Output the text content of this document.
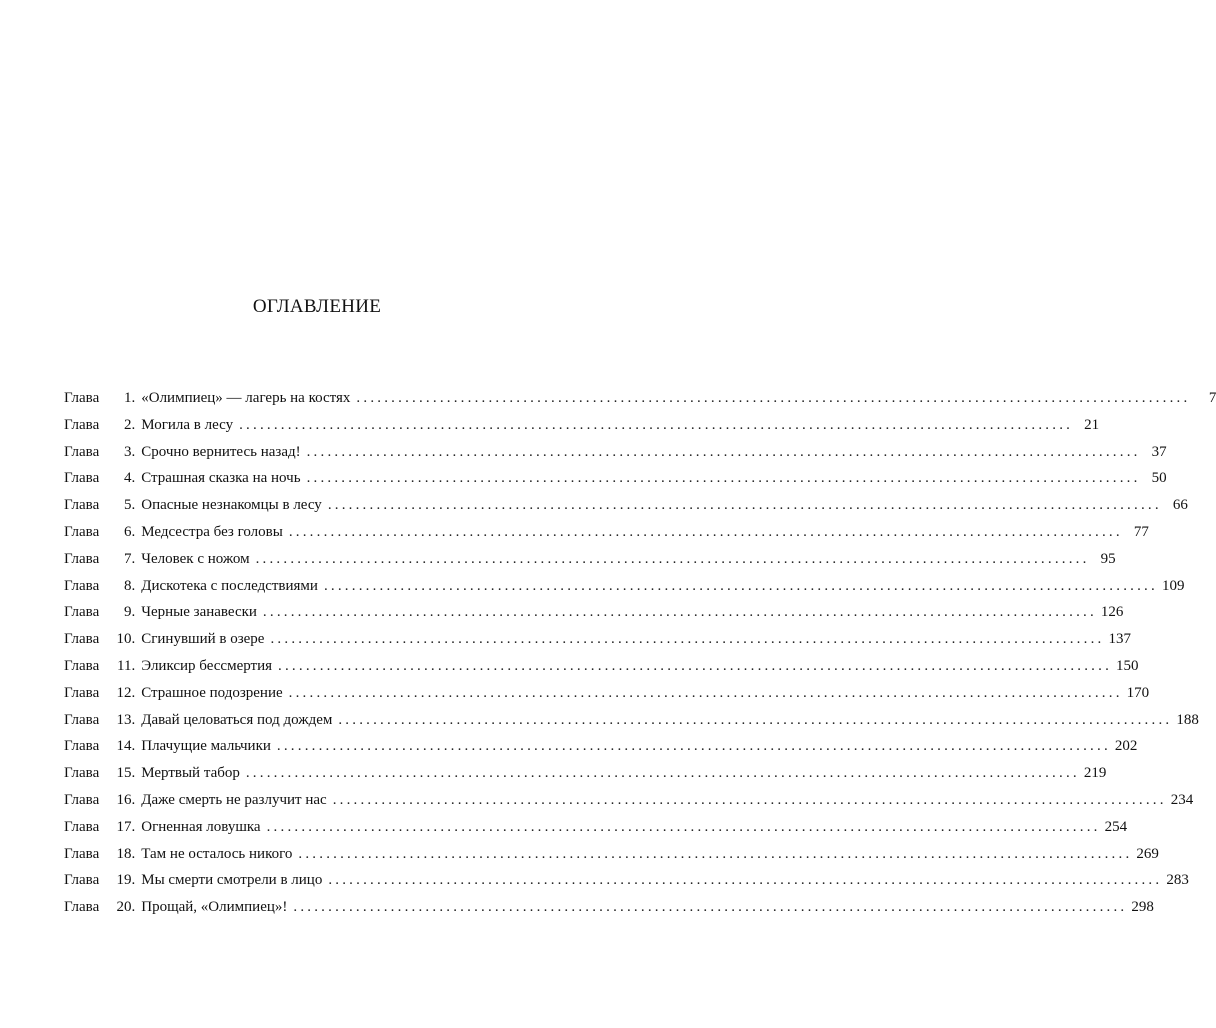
ОГЛАВЛЕНИЕ
Глава	1. «Олимпиец» — лагерь на костях ........................................................................................................................	7
Глава	2. Могила в лесу ........................................................................................................................ 21
Глава	3. Срочно вернитесь назад! ........................................................................................................................ 37
Глава	4. Страшная сказка на ночь ........................................................................................................................ 50
Глава	5. Опасные незнакомцы в лесу ........................................................................................................................ 66
Глава	6. Медсестра без головы ........................................................................................................................ 77
Глава	7. Человек с ножом ........................................................................................................................ 95
Глава	8. Дискотека с последствиями ........................................................................................................................ 109
Глава	9. Черные занавески ........................................................................................................................ 126
Глава	10. Сгинувший в озере ........................................................................................................................ 137
Глава	11. Эликсир бессмертия ........................................................................................................................ 150
Глава	12. Страшное подозрение ........................................................................................................................ 170
Глава	13. Давай целоваться под дождем ........................................................................................................................ 188
Глава	14. Плачущие мальчики ........................................................................................................................ 202
Глава	15. Мертвый табор ........................................................................................................................ 219
Глава	16. Даже смерть не разлучит нас ........................................................................................................................ 234
Глава	17. Огненная ловушка ........................................................................................................................ 254
Глава	18. Там не осталось никого ........................................................................................................................ 269
Глава	19. Мы смерти смотрели в лицо ........................................................................................................................ 283
Глава	20. Прощай, «Олимпиец»! ........................................................................................................................ 298
